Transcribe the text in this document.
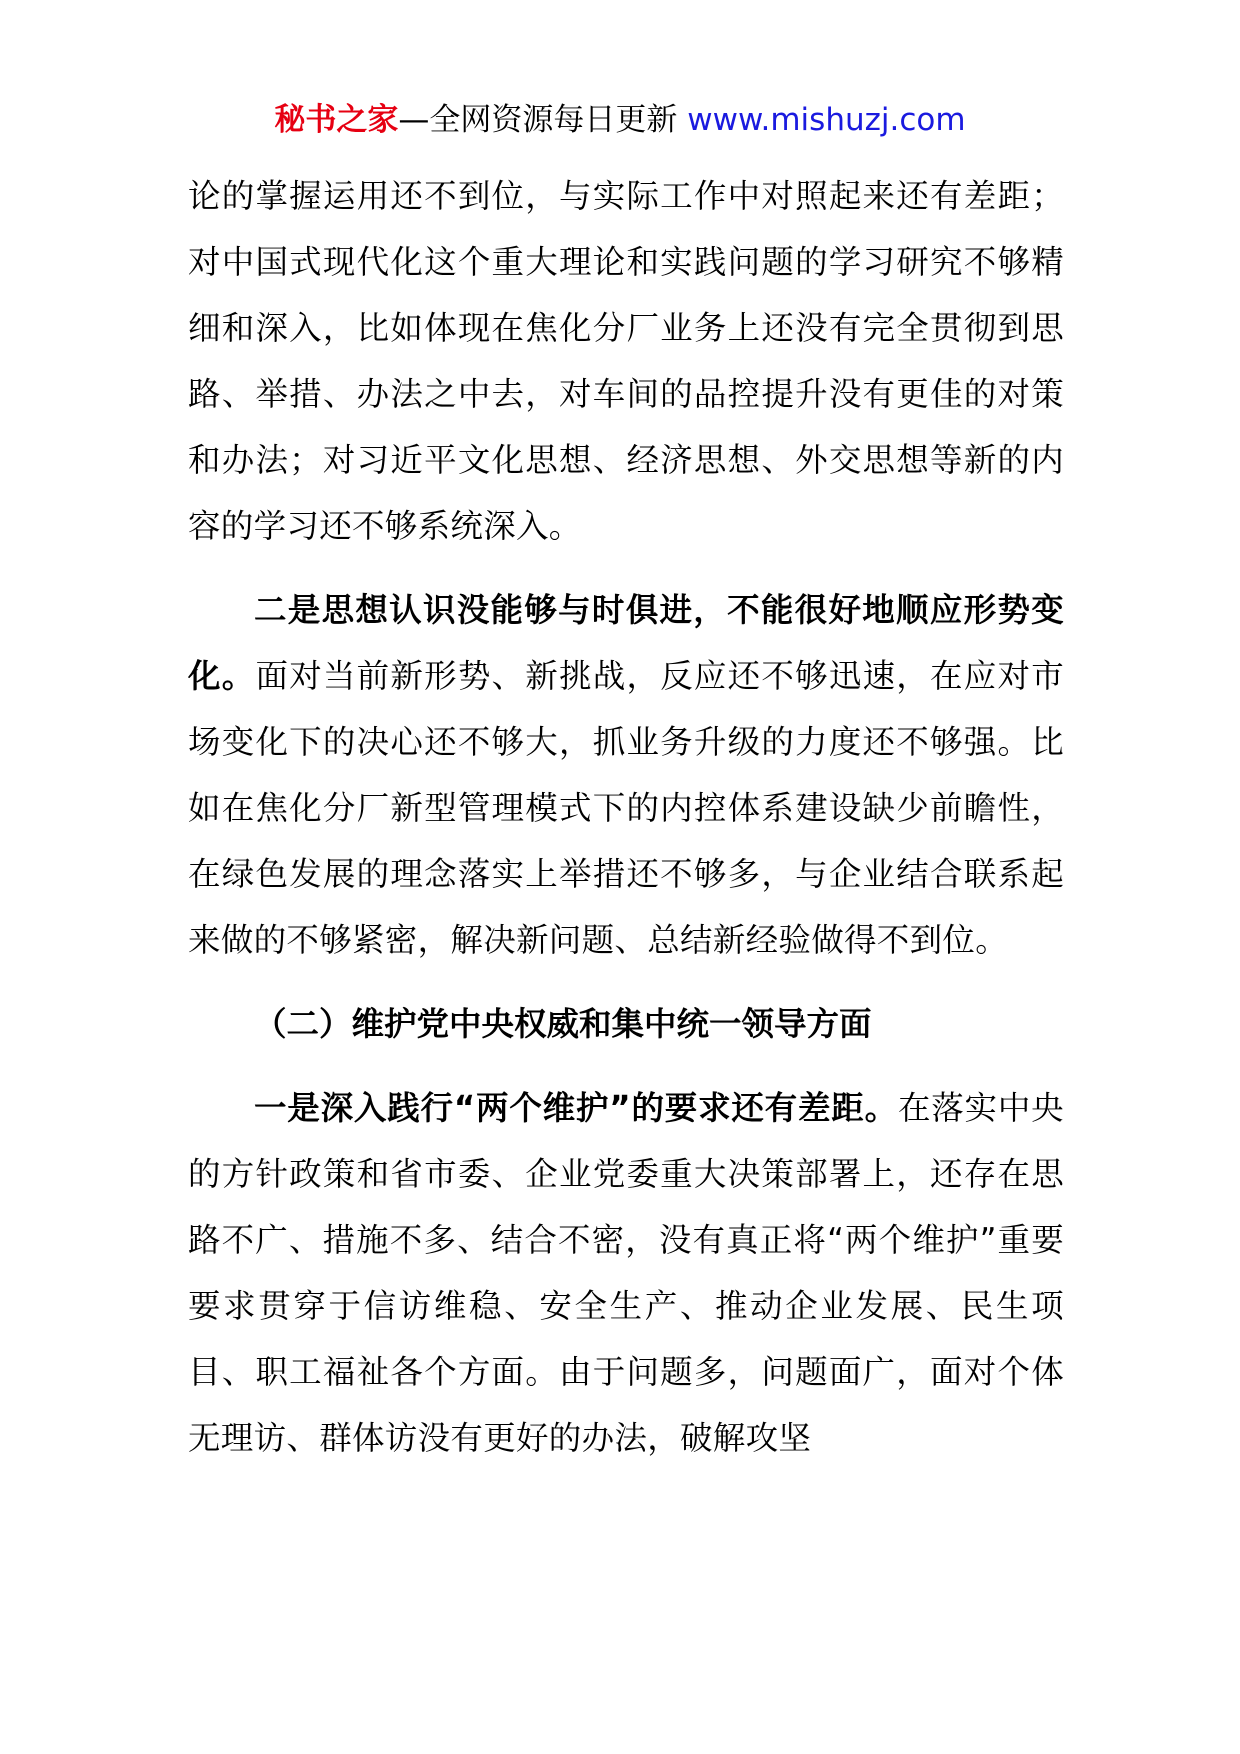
秘书之家—全网资源每日更新 www.mishuzj.com

论的掌握运用还不到位，与实际工作中对照起来还有差距；对中国式现代化这个重大理论和实践问题的学习研究不够精细和深入，比如体现在焦化分厂业务上还没有完全贯彻到思路、举措、办法之中去，对车间的品控提升没有更佳的对策和办法；对习近平文化思想、经济思想、外交思想等新的内容的学习还不够系统深入。

二是思想认识没能够与时俱进，不能很好地顺应形势变化。面对当前新形势、新挑战，反应还不够迅速，在应对市场变化下的决心还不够大，抓业务升级的力度还不够强。比如在焦化分厂新型管理模式下的内控体系建设缺少前瞻性，在绿色发展的理念落实上举措还不够多，与企业结合联系起来做的不够紧密，解决新问题、总结新经验做得不到位。

（二）维护党中央权威和集中统一领导方面

一是深入践行“两个维护”的要求还有差距。在落实中央的方针政策和省市委、企业党委重大决策部署上，还存在思路不广、措施不多、结合不密，没有真正将“两个维护”重要要求贯穿于信访维稳、安全生产、推动企业发展、民生项目、职工福祉各个方面。由于问题多，问题面广，面对个体无理访、群体访没有更好的办法，破解攻坚
